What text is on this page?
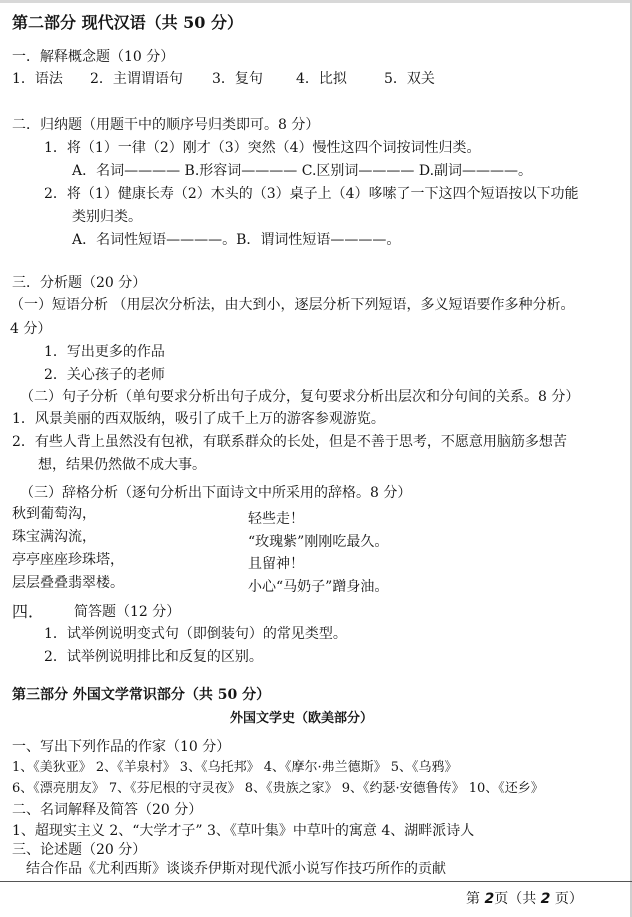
第二部分 现代汉语（共 50 分）
一．解释概念题（10 分）
1．语法 2．主谓谓语句 3．复句 4．比拟	5．双关
二．归纳题（用题干中的顺序号归类即可。8 分）
1．将（1）一律（2）刚才（3）突然（4）慢性这四个词按词性归类。
A．名词———— B.形容词———— C.区别词———— D.副词————。
2．将（1）健康长寿（2）木头的（3）桌子上（4）哆嗦了一下这四个短语按以下功能
类别归类。
A．名词性短语————。B．谓词性短语————。
三．分析题（20 分）
（一）短语分析 （用层次分析法，由大到小，逐层分析下列短语，多义短语要作多种分析。
4 分）
1．写出更多的作品
2．关心孩子的老师
（二）句子分析（单句要求分析出句子成分，复句要求分析出层次和分句间的关系。8 分）
1．风景美丽的西双版纳，吸引了成千上万的游客参观游览。
2．有些人背上虽然没有包袱，有联系群众的长处，但是不善于思考，不愿意用脑筋多想苦
想，结果仍然做不成大事。
（三）辞格分析（逐句分析出下面诗文中所采用的辞格。8 分）
秋到葡萄沟，
珠宝满沟流，
亭亭座座珍珠塔，
层层叠叠翡翠楼。
轻些走！
“玫瑰紫”刚刚吃最久。
且留神！
小心“马奶子”蹭身油。
四． 简答题（12 分）
1．试举例说明变式句（即倒装句）的常见类型。
2．试举例说明排比和反复的区别。
第三部分 外国文学常识部分（共 50 分）
外国文学史（欧美部分）
一、写出下列作品的作家（10 分）
1、《美狄亚》 2、《羊泉村》 3、《乌托邦》 4、《摩尔·弗兰德斯》 5、《乌鸦》
6、《漂亮朋友》 7、《芬尼根的守灵夜》 8、《贵族之家》 9、《约瑟·安德鲁传》 10、《还乡》
二、名词解释及简答（20 分）
1、超现实主义 2、“大学才子” 3、《草叶集》中草叶的寓意 4、湖畔派诗人
三、论述题（20 分）
结合作品《尤利西斯》谈谈乔伊斯对现代派小说写作技巧所作的贡献
第 2页（共 2 页）
